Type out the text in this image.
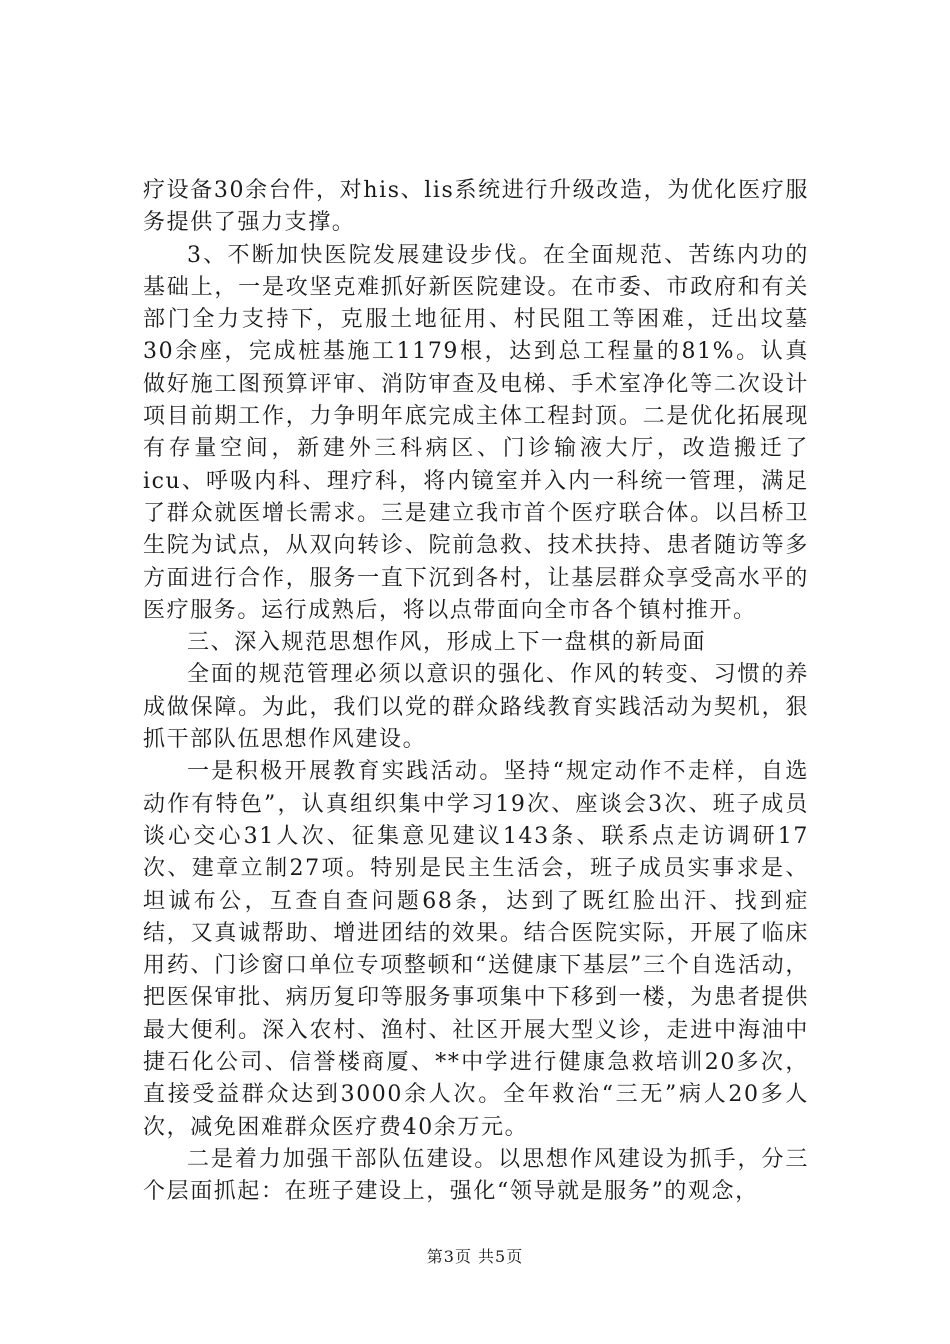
疗设备30余台件，对his、lis系统进行升级改造，为优化医疗服务提供了强力支撑。

3、不断加快医院发展建设步伐。在全面规范、苦练内功的基础上，一是攻坚克难抓好新医院建设。在市委、市政府和有关部门全力支持下，克服土地征用、村民阻工等困难，迁出坟墓30余座，完成桩基施工1179根，达到总工程量的81%。认真做好施工图预算评审、消防审查及电梯、手术室净化等二次设计项目前期工作，力争明年底完成主体工程封顶。二是优化拓展现有存量空间，新建外三科病区、门诊输液大厅，改造搬迁了icu、呼吸内科、理疗科，将内镜室并入内一科统一管理，满足了群众就医增长需求。三是建立我市首个医疗联合体。以吕桥卫生院为试点，从双向转诊、院前急救、技术扶持、患者随访等多方面进行合作，服务一直下沉到各村，让基层群众享受高水平的医疗服务。运行成熟后，将以点带面向全市各个镇村推开。

三、深入规范思想作风，形成上下一盘棋的新局面

全面的规范管理必须以意识的强化、作风的转变、习惯的养成做保障。为此，我们以党的群众路线教育实践活动为契机，狠抓干部队伍思想作风建设。

一是积极开展教育实践活动。坚持“规定动作不走样，自选动作有特色”，认真组织集中学习19次、座谈会3次、班子成员谈心交心31人次、征集意见建议143条、联系点走访调研17次、建章立制27项。特别是民主生活会，班子成员实事求是、坦诚布公，互查自查问题68条，达到了既红脸出汗、找到症结，又真诚帮助、增进团结的效果。结合医院实际，开展了临床用药、门诊窗口单位专项整顿和“送健康下基层”三个自选活动，把医保审批、病历复印等服务事项集中下移到一楼，为患者提供最大便利。深入农村、渔村、社区开展大型义诊，走进中海油中捷石化公司、信誉楼商厦、**中学进行健康急救培训20多次，直接受益群众达到3000余人次。全年救治“三无”病人20多人次，减免困难群众医疗费40余万元。

二是着力加强干部队伍建设。以思想作风建设为抓手，分三个层面抓起：在班子建设上，强化“领导就是服务”的观念，

第3页 共5页
